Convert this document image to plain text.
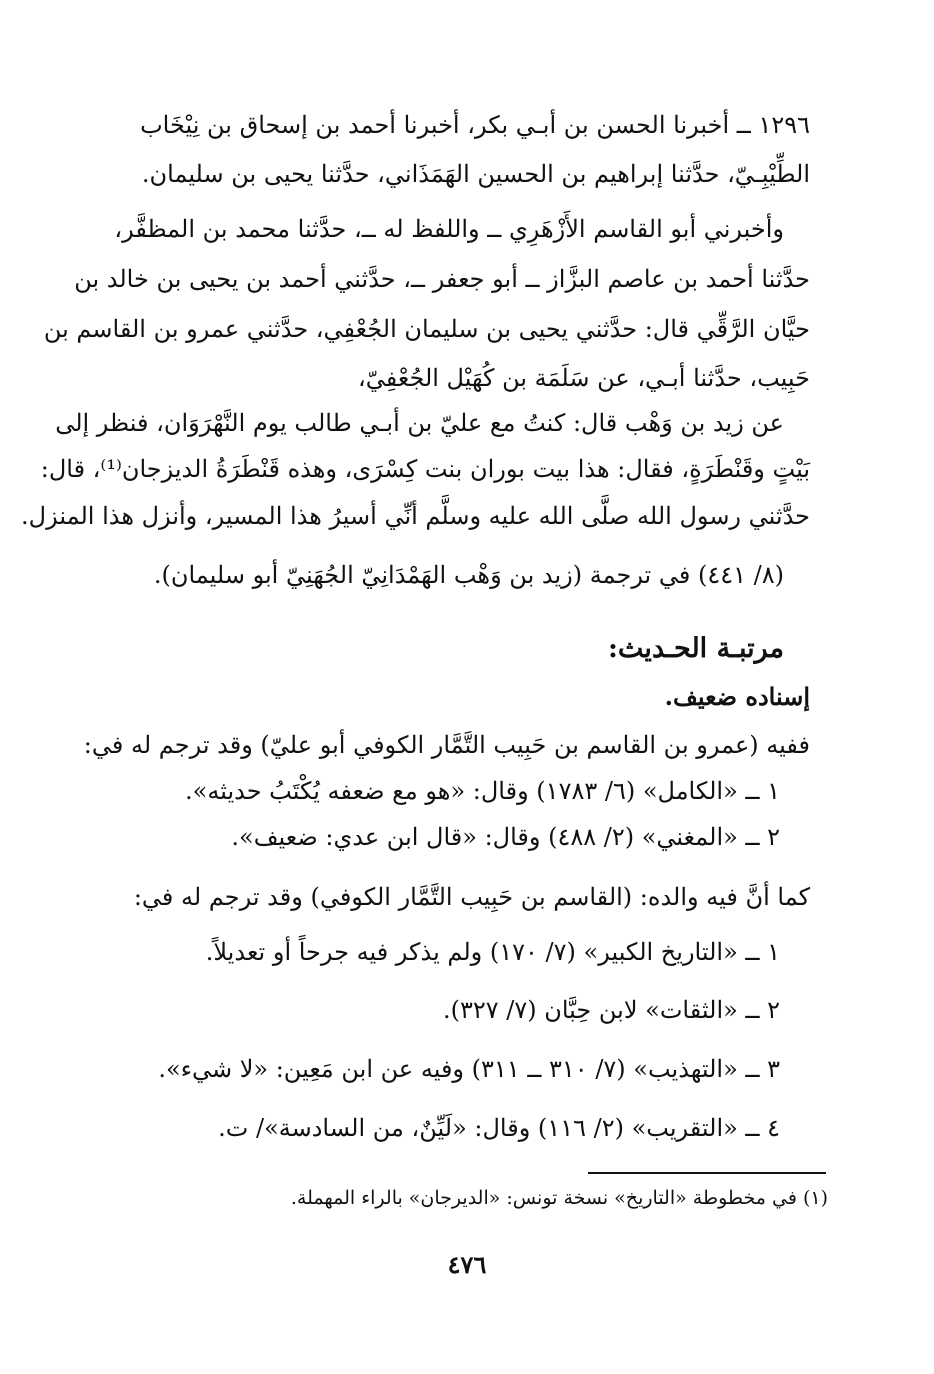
١٢٩٦ ــ أخبرنا الحسن بن أبـي بكر، أخبرنا أحمد بن إسحاق بن نِيْخَاب
الطِّيْبِـيّ، حدَّثنا إبراهيم بن الحسين الهَمَذَاني، حدَّثنا يحيى بن سليمان.
وأخبرني أبو القاسم الأَزْهَرِي ــ واللفظ له ــ، حدَّثنا محمد بن المظفَّر،
حدَّثنا أحمد بن عاصم البزَّاز ــ أبو جعفر ــ، حدَّثني أحمد بن يحيى بن خالد بن
حيَّان الرَّقِّي قال: حدَّثني يحيى بن سليمان الجُعْفِي، حدَّثني عمرو بن القاسم بن
حَبِيب، حدَّثنا أبـي، عن سَلَمَة بن كُهَيْل الجُعْفِيّ،
عن زيد بن وَهْب قال: كنتُ مع عليّ بن أبـي طالب يوم النَّهْرَوَان، فنظر إلى
بَيْتٍ وقَنْطَرَةٍ، فقال: هذا بيت بوران بنت كِسْرَى، وهذه قَنْطَرَةُ الديزجان⁽¹⁾، قال:
حدَّثني رسول الله صلَّى الله عليه وسلَّم أنِّي أسيرُ هذا المسير، وأنزل هذا المنزل.
(٨/ ٤٤١) في ترجمة (زيد بن وَهْب الهَمْدَانِيّ الجُهَنِيّ أبو سليمان).
مرتبـة الحـديث:
إسناده ضعيف.
ففيه (عمرو بن القاسم بن حَبِيب التَّمَّار الكوفي أبو عليّ) وقد ترجم له في:
١ ــ «الكامل» (٦/ ١٧٨٣) وقال: «هو مع ضعفه يُكْتَبُ حديثه».
٢ ــ «المغني» (٢/ ٤٨٨) وقال: «قال ابن عدي: ضعيف».
كما أنَّ فيه والده: (القاسم بن حَبِيب التَّمَّار الكوفي) وقد ترجم له في:
١ ــ «التاريخ الكبير» (٧/ ١٧٠) ولم يذكر فيه جرحاً أو تعديلاً.
٢ ــ «الثقات» لابن حِبَّان (٧/ ٣٢٧).
٣ ــ «التهذيب» (٧/ ٣١٠ ــ ٣١١) وفيه عن ابن مَعِين: «لا شيء».
٤ ــ «التقريب» (٢/ ١١٦) وقال: «لَيِّنٌ، من السادسة»/ ت.
(١) في مخطوطة «التاريخ» نسخة تونس: «الديرجان» بالراء المهملة.
٤٧٦
